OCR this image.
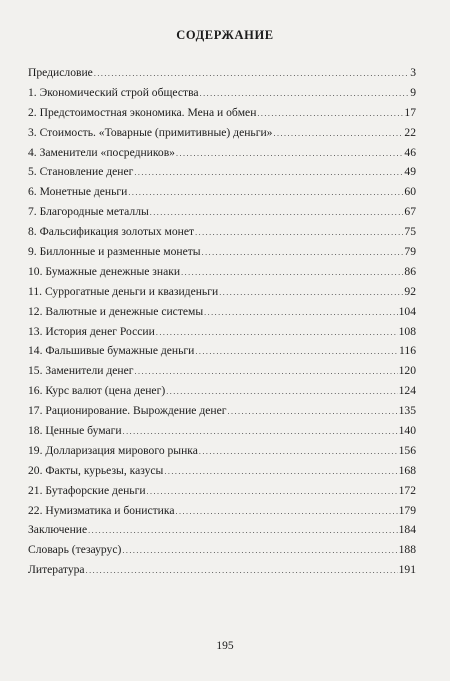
СОДЕРЖАНИЕ
Предисловие .....	3
1. Экономический строй общества .....	9
2. Предстоимостная экономика. Мена и обмен .....	17
3. Стоимость. «Товарные (примитивные) деньги» .....	22
4. Заменители «посредников» .....	46
5. Становление денег .....	49
6. Монетные деньги .....	60
7. Благородные металлы .....	67
8. Фальсификация золотых монет .....	75
9. Биллонные и разменные монеты .....	79
10. Бумажные денежные знаки .....	86
11. Суррогатные деньги и квазиденьги .....	92
12. Валютные и денежные системы .....	104
13. История денег России .....	108
14. Фальшивые бумажные деньги .....	116
15. Заменители денег .....	120
16. Курс валют (цена денег) .....	124
17. Рационирование. Вырождение денег .....	135
18. Ценные бумаги .....	140
19. Долларизация мирового рынка .....	156
20. Факты, курьезы, казусы .....	168
21. Бутафорские деньги .....	172
22. Нумизматика и бонистика .....	179
Заключение .....	184
Словарь (тезаурус) .....	188
Литература .....	191
195
